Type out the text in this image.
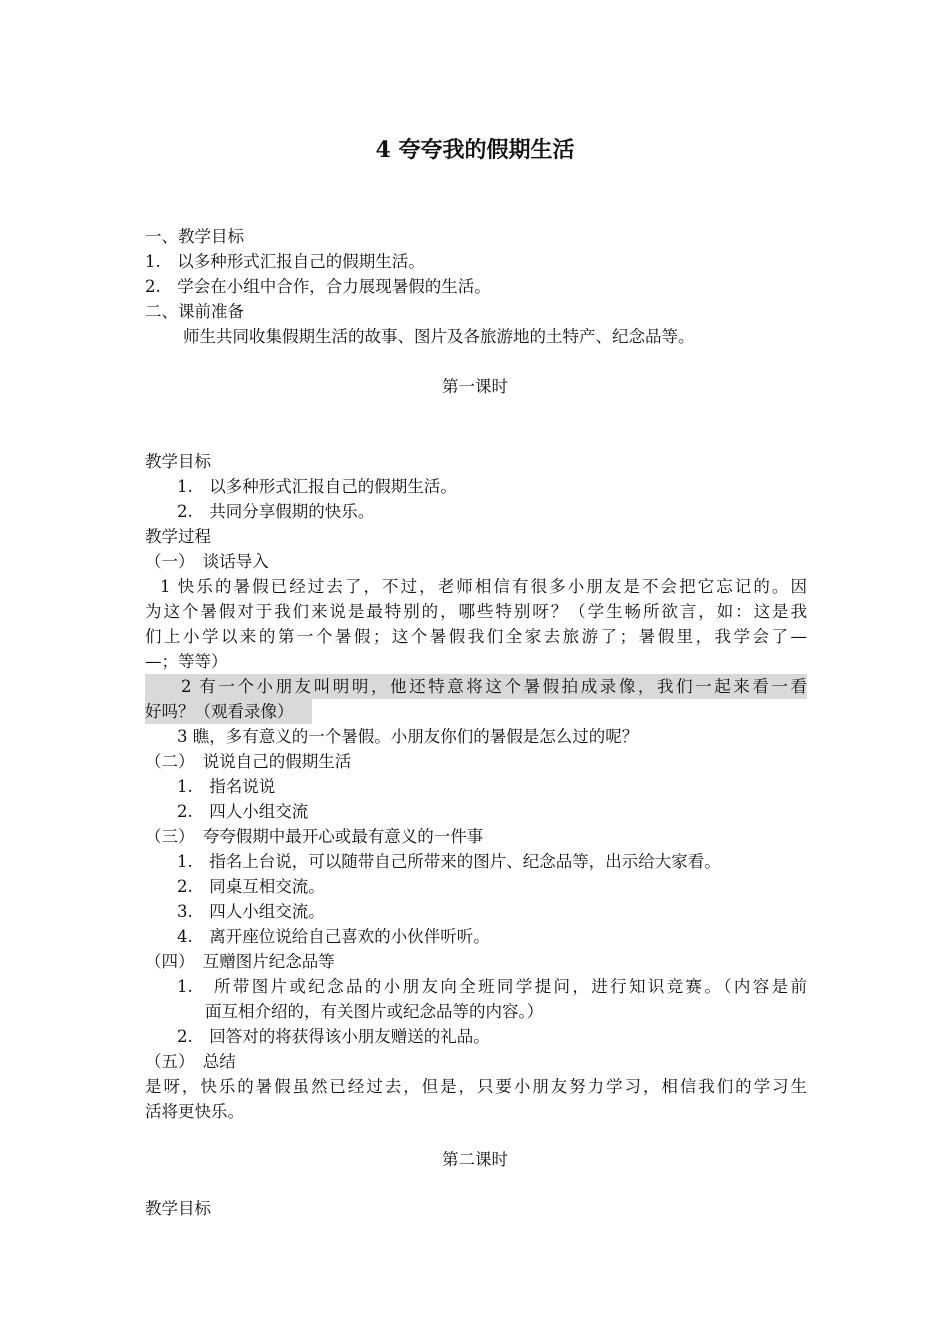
4 夸夸我的假期生活
一、教学目标
1.　以多种形式汇报自己的假期生活。
2.　学会在小组中合作，合力展现暑假的生活。
二、课前准备
师生共同收集假期生活的故事、图片及各旅游地的土特产、纪念品等。
第一课时
教学目标
1.　以多种形式汇报自己的假期生活。
2.　共同分享假期的快乐。
教学过程
（一）　谈话导入
1 快乐的暑假已经过去了，不过，老师相信有很多小朋友是不会把它忘记的。因
为这个暑假对于我们来说是最特别的，哪些特别呀？（学生畅所欲言，如：这是我
们上小学以来的第一个暑假；这个暑假我们全家去旅游了；暑假里，我学会了—
—；等等）
2 有一个小朋友叫明明，他还特意将这个暑假拍成录像，我们一起来看一看
好吗？（观看录像）
3 瞧，多有意义的一个暑假。小朋友你们的暑假是怎么过的呢？
（二）　说说自己的假期生活
1.　指名说说
2.　四人小组交流
（三）　夸夸假期中最开心或最有意义的一件事
1.　指名上台说，可以随带自己所带来的图片、纪念品等，出示给大家看。
2.　同桌互相交流。
3.　四人小组交流。
4.　离开座位说给自己喜欢的小伙伴听听。
（四）　互赠图片纪念品等
1.　所带图片或纪念品的小朋友向全班同学提问，进行知识竞赛。（内容是前
面互相介绍的，有关图片或纪念品等的内容。）
2.　回答对的将获得该小朋友赠送的礼品。
（五）　总结
是呀，快乐的暑假虽然已经过去，但是，只要小朋友努力学习，相信我们的学习生
活将更快乐。
第二课时
教学目标
